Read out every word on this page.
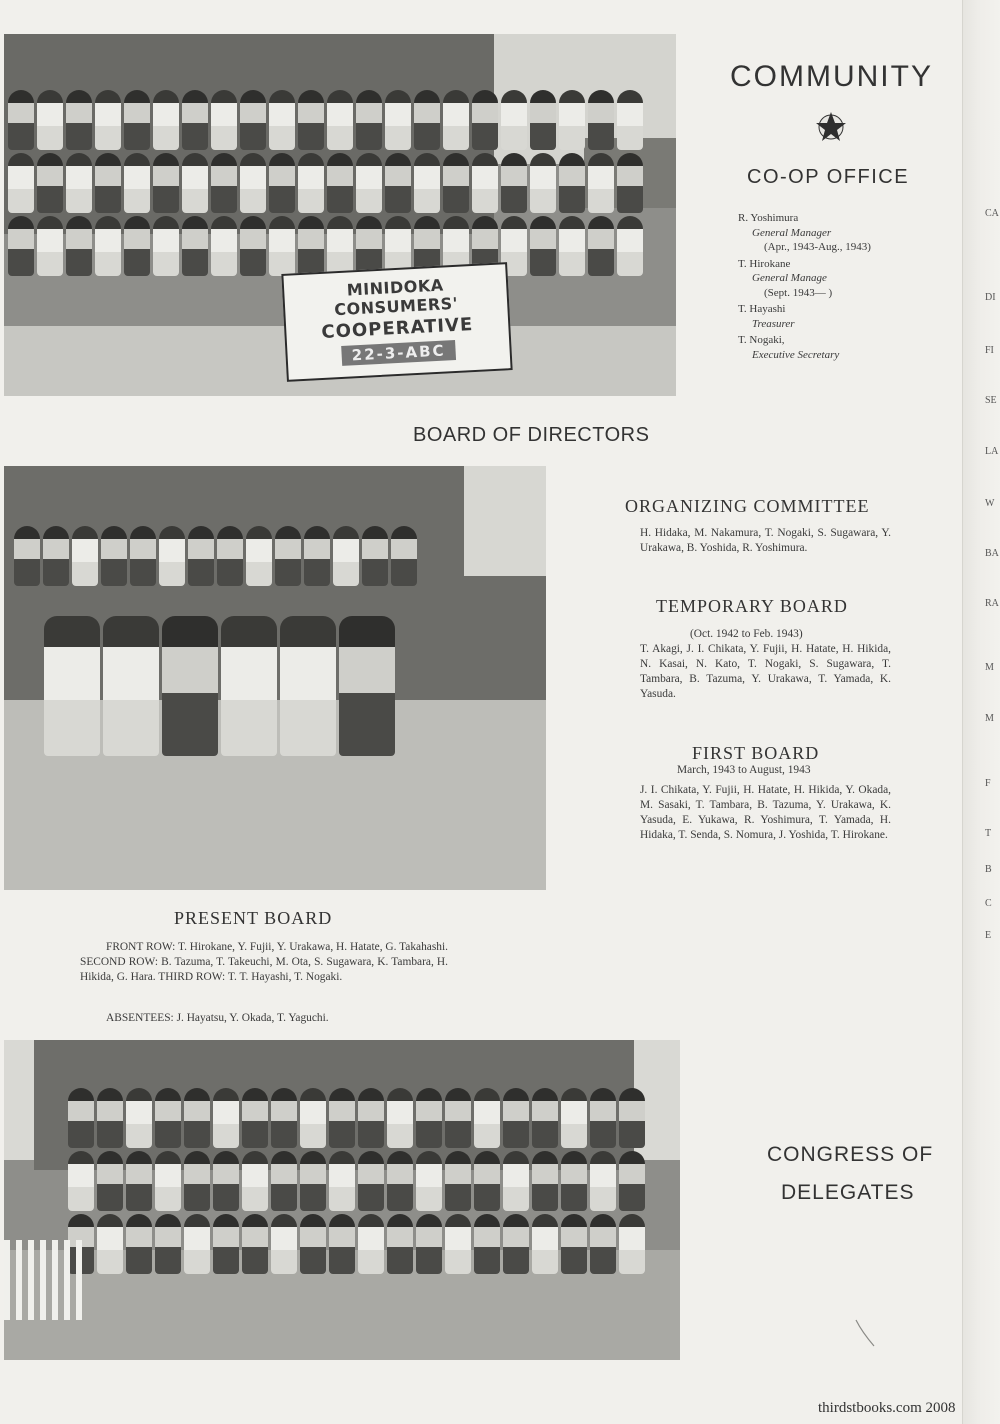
MINIDOKA CONSUMERS'
COOPERATIVE
22-3-ABC
COMMUNITY
CO-OP OFFICE
R. Yoshimura
General Manager
(Apr., 1943-Aug., 1943)
T. Hirokane
General Manage
(Sept. 1943— )
T. Hayashi
Treasurer
T. Nogaki,
Executive Secretary
BOARD OF DIRECTORS
ORGANIZING COMMITTEE
H. Hidaka, M. Nakamura, T. Nogaki, S. Sugawara, Y. Urakawa, B. Yoshida, R. Yoshimura.
TEMPORARY BOARD
(Oct. 1942 to Feb. 1943)
T. Akagi, J. I. Chikata, Y. Fujii, H. Hatate, H. Hikida, N. Kasai, N. Kato, T. Nogaki, S. Sugawara, T. Tambara, B. Tazuma, Y. Urakawa, T. Yamada, K. Yasuda.
FIRST BOARD
March, 1943 to August, 1943
J. I. Chikata, Y. Fujii, H. Hatate, H. Hikida, Y. Okada, M. Sasaki, T. Tambara, B. Tazuma, Y. Urakawa, K. Yasuda, E. Yukawa, R. Yoshimura, T. Yamada, H. Hidaka, T. Senda, S. Nomura, J. Yoshida, T. Hirokane.
PRESENT BOARD
FRONT ROW: T. Hirokane, Y. Fujii, Y. Urakawa, H. Hatate, G. Takahashi. SECOND ROW: B. Tazuma, T. Takeuchi, M. Ota, S. Sugawara, K. Tambara, H. Hikida, G. Hara. THIRD ROW: T. T. Hayashi, T. Nogaki.
ABSENTEES: J. Hayatsu, Y. Okada, T. Yaguchi.
CONGRESS OF
DELEGATES
CA
DI
FI
SE
LA
W
BA
RA
M
M
F
T
B
C
E
thirdstbooks.com 2008
